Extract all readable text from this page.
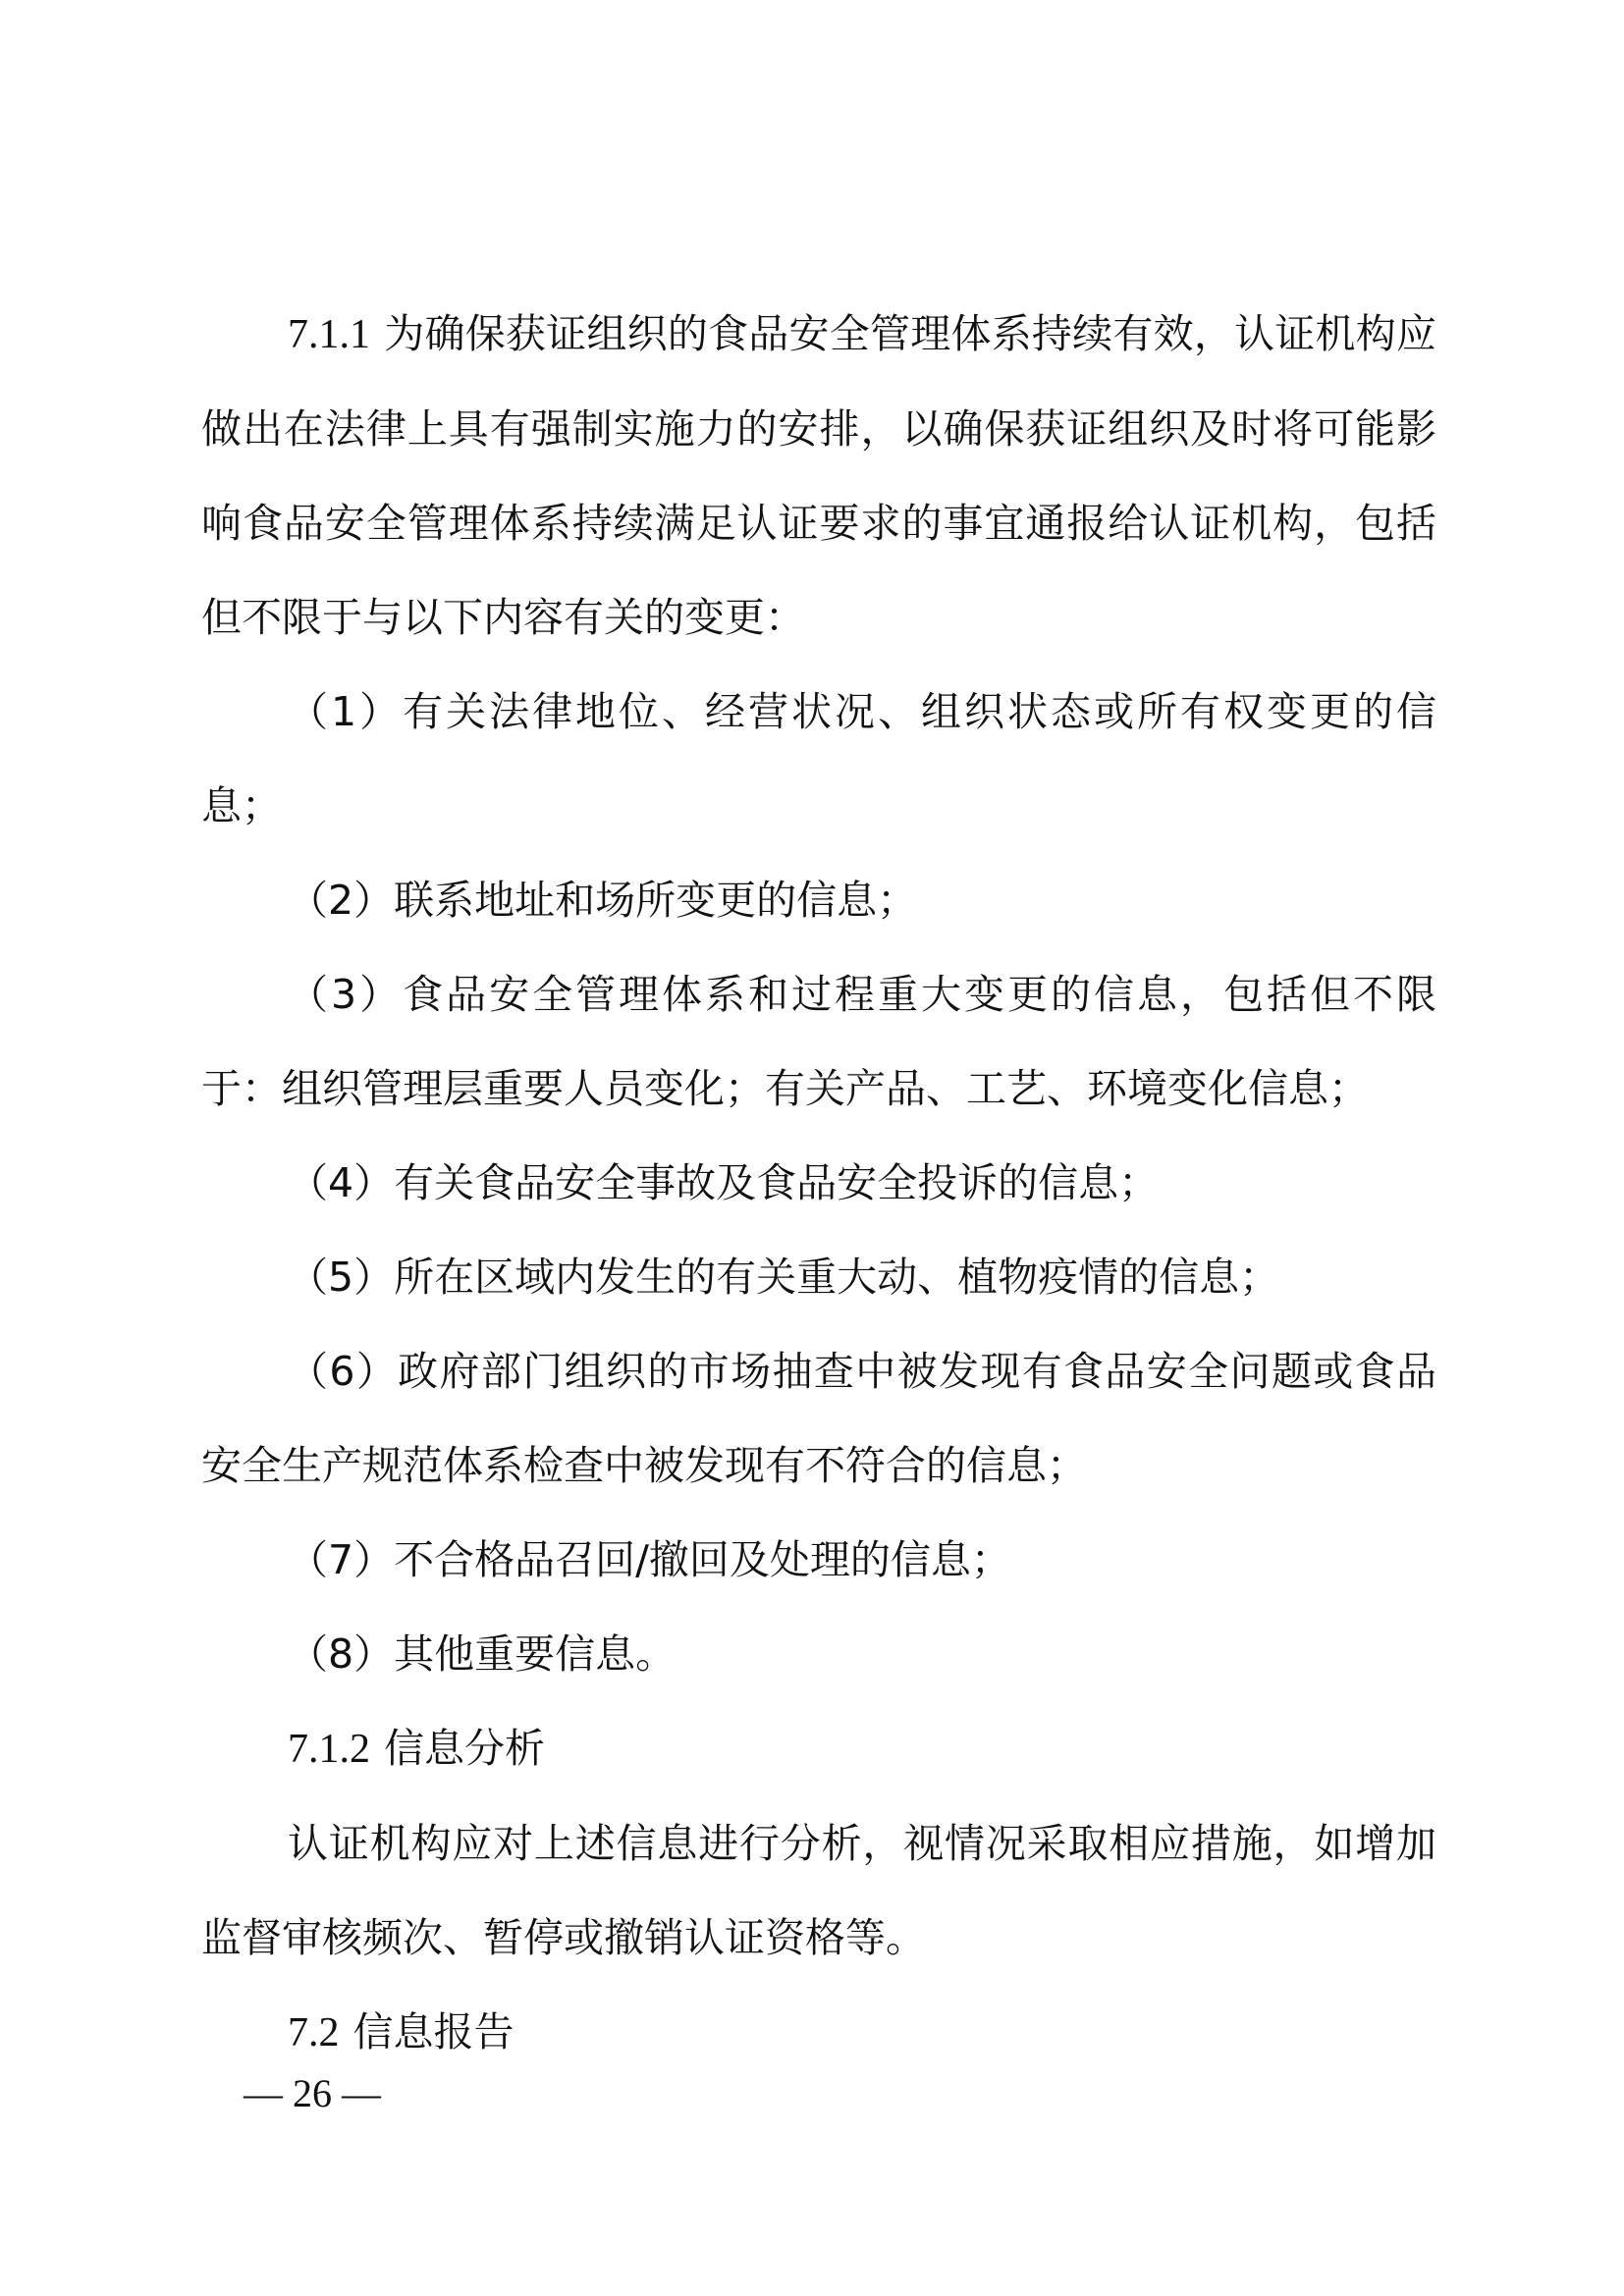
7.1.1 为确保获证组织的食品安全管理体系持续有效，认证机构应做出在法律上具有强制实施力的安排，以确保获证组织及时将可能影响食品安全管理体系持续满足认证要求的事宜通报给认证机构，包括但不限于与以下内容有关的变更：

（1）有关法律地位、经营状况、组织状态或所有权变更的信息；

（2）联系地址和场所变更的信息；

（3）食品安全管理体系和过程重大变更的信息，包括但不限于：组织管理层重要人员变化；有关产品、工艺、环境变化信息；

（4）有关食品安全事故及食品安全投诉的信息；

（5）所在区域内发生的有关重大动、植物疫情的信息；

（6）政府部门组织的市场抽查中被发现有食品安全问题或食品安全生产规范体系检查中被发现有不符合的信息；

（7）不合格品召回/撤回及处理的信息；

（8）其他重要信息。

7.1.2 信息分析

认证机构应对上述信息进行分析，视情况采取相应措施，如增加监督审核频次、暂停或撤销认证资格等。

7.2 信息报告

— 26 —
